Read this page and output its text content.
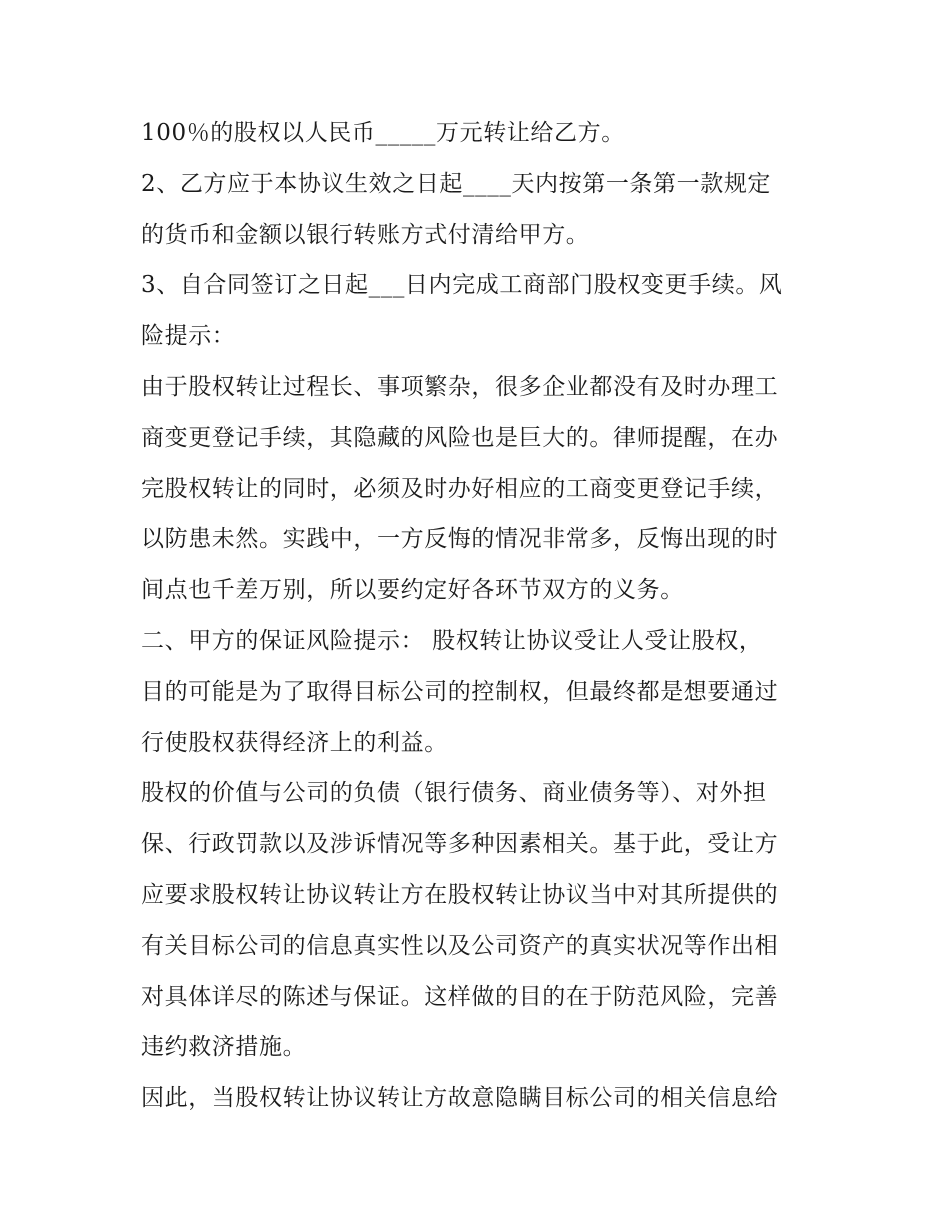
100％的股权以人民币_____万元转让给乙方。
2、乙方应于本协议生效之日起____天内按第一条第一款规定
的货币和金额以银行转账方式付清给甲方。
3、自合同签订之日起___日内完成工商部门股权变更手续。风
险提示：
由于股权转让过程长、事项繁杂，很多企业都没有及时办理工
商变更登记手续，其隐藏的风险也是巨大的。律师提醒，在办
完股权转让的同时，必须及时办好相应的工商变更登记手续，
以防患未然。实践中，一方反悔的情况非常多，反悔出现的时
间点也千差万别，所以要约定好各环节双方的义务。
二、甲方的保证风险提示： 股权转让协议受让人受让股权，
目的可能是为了取得目标公司的控制权，但最终都是想要通过
行使股权获得经济上的利益。
股权的价值与公司的负债（银行债务、商业债务等）、对外担
保、行政罚款以及涉诉情况等多种因素相关。基于此，受让方
应要求股权转让协议转让方在股权转让协议当中对其所提供的
有关目标公司的信息真实性以及公司资产的真实状况等作出相
对具体详尽的陈述与保证。这样做的目的在于防范风险，完善
违约救济措施。
因此，当股权转让协议转让方故意隐瞒目标公司的相关信息给
